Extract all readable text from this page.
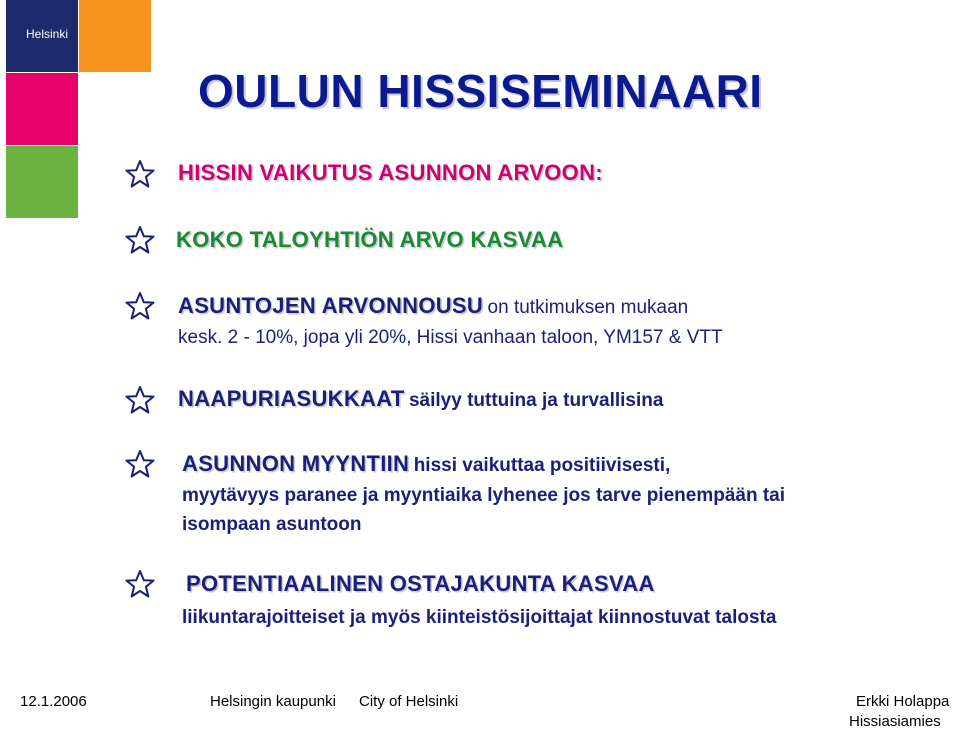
Helsinki
OULUN HISSISEMINAARI
HISSIN VAIKUTUS ASUNNON ARVOON:
KOKO TALOYHTIÖN ARVO KASVAA
ASUNTOJEN ARVONNOUSU on tutkimuksen mukaan
kesk. 2 - 10%, jopa yli 20%, Hissi vanhaan taloon, YM157 & VTT
NAAPURIASUKKAAT säilyy tuttuina ja turvallisina
ASUNNON MYYNTIIN hissi vaikuttaa positiivisesti,
myytävyys paranee ja myyntiaika lyhenee jos tarve pienempään tai
isompaan asuntoon
POTENTIAALINEN OSTAJAKUNTA KASVAA
liikuntarajoitteiset ja myös kiinteistösijoittajat kiinnostuvat talosta
12.1.2006	Helsingin kaupunki City of Helsinki	Erkki Holappa
Hissiasiamies
